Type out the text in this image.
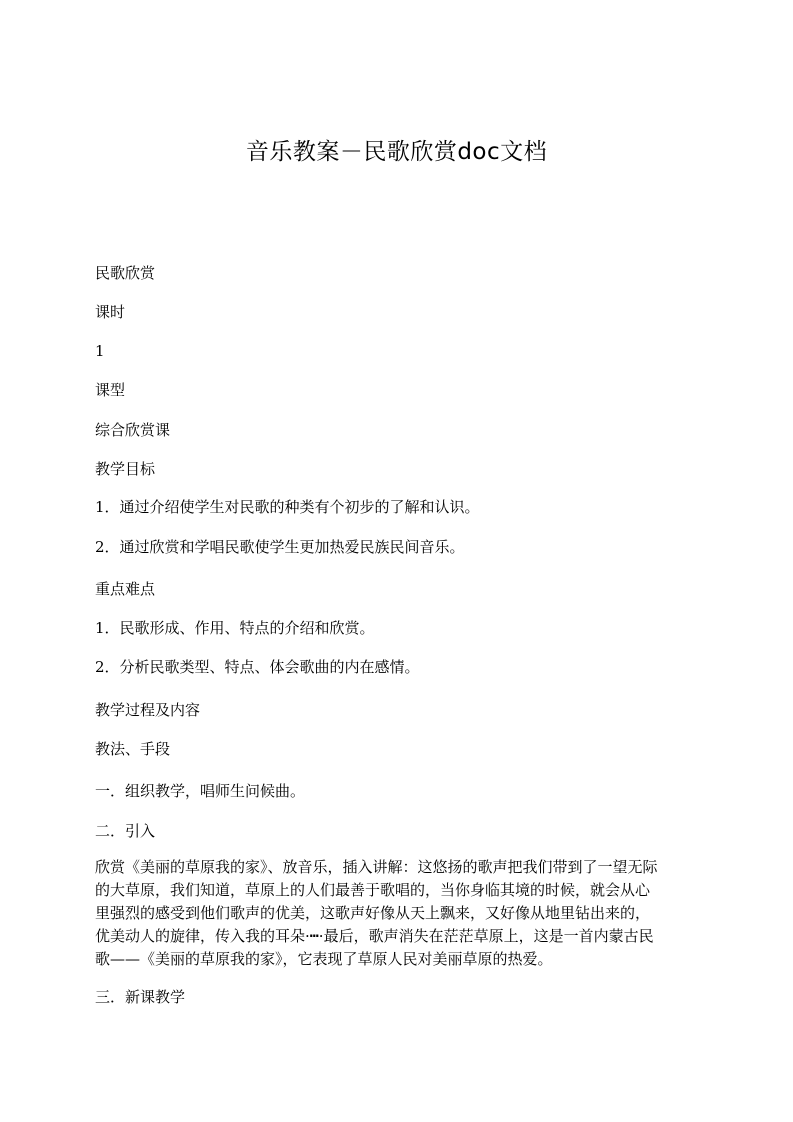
音乐教案－民歌欣赏doc文档
民歌欣赏
课时
1
课型
综合欣赏课
教学目标
1．通过介绍使学生对民歌的种类有个初步的了解和认识。
2．通过欣赏和学唱民歌使学生更加热爱民族民间音乐。
重点难点
1．民歌形成、作用、特点的介绍和欣赏。
2．分析民歌类型、特点、体会歌曲的内在感情。
教学过程及内容
教法、手段
一．组织教学，唱师生问候曲。
二．引入
欣赏《美丽的草原我的家》、放音乐，插入讲解：这悠扬的歌声把我们带到了一望无际
的大草原，我们知道，草原上的人们最善于歌唱的，当你身临其境的时候，就会从心
里强烈的感受到他们歌声的优美，这歌声好像从天上飘来，又好像从地里钻出来的，
优美动人的旋律，传入我的耳朵·┅·最后，歌声消失在茫茫草原上，这是一首内蒙古民
歌——《美丽的草原我的家》，它表现了草原人民对美丽草原的热爱。
三．新课教学
